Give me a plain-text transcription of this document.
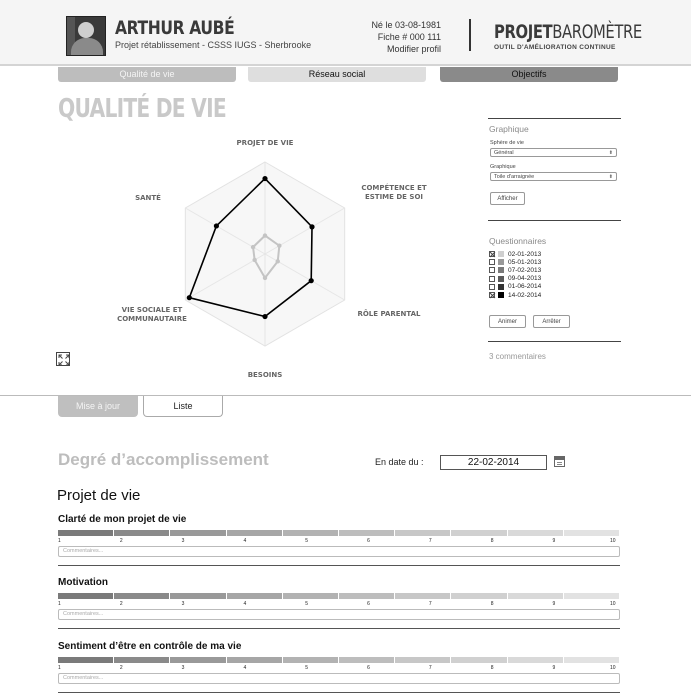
ARTHUR AUBÉ
Projet rétablissement - CSSS IUGS - Sherbrooke
Né le 03-08-1981
Fiche # 000 111
Modifier profil
PROJETBAROMÈTRE
OUTIL D'AMÉLIORATION CONTINUE
Qualité de vie	Réseau social	Objectifs
QUALITÉ DE VIE
PROJET DE VIE
COMPÉTENCE ET
ESTIME DE SOI
RÔLE PARENTAL
BESOINS
VIE SOCIALE ET
COMMUNAUTAIRE
SANTÉ
Graphique
Sphère de vie
Général	⬍
Graphique
Toile d'arraignée	⬍
Afficher
Questionnaires
02-01-2013
05-01-2013
07-02-2013
09-04-2013
01-06-2014
14-02-2014
Animer	Arrêter
3 commentaires
Mise à jour	Liste
Degré d’accomplissement	En date du :	22-02-2014
Projet de vie
Clarté de mon projet de vie
1	2	3	4	5	6	7	8	9	10
Commentaires...
Motivation
1	2	3	4	5	6	7	8	9	10
Commentaires...
Sentiment d’être en contrôle de ma vie
1	2	3	4	5	6	7	8	9	10
Commentaires...
